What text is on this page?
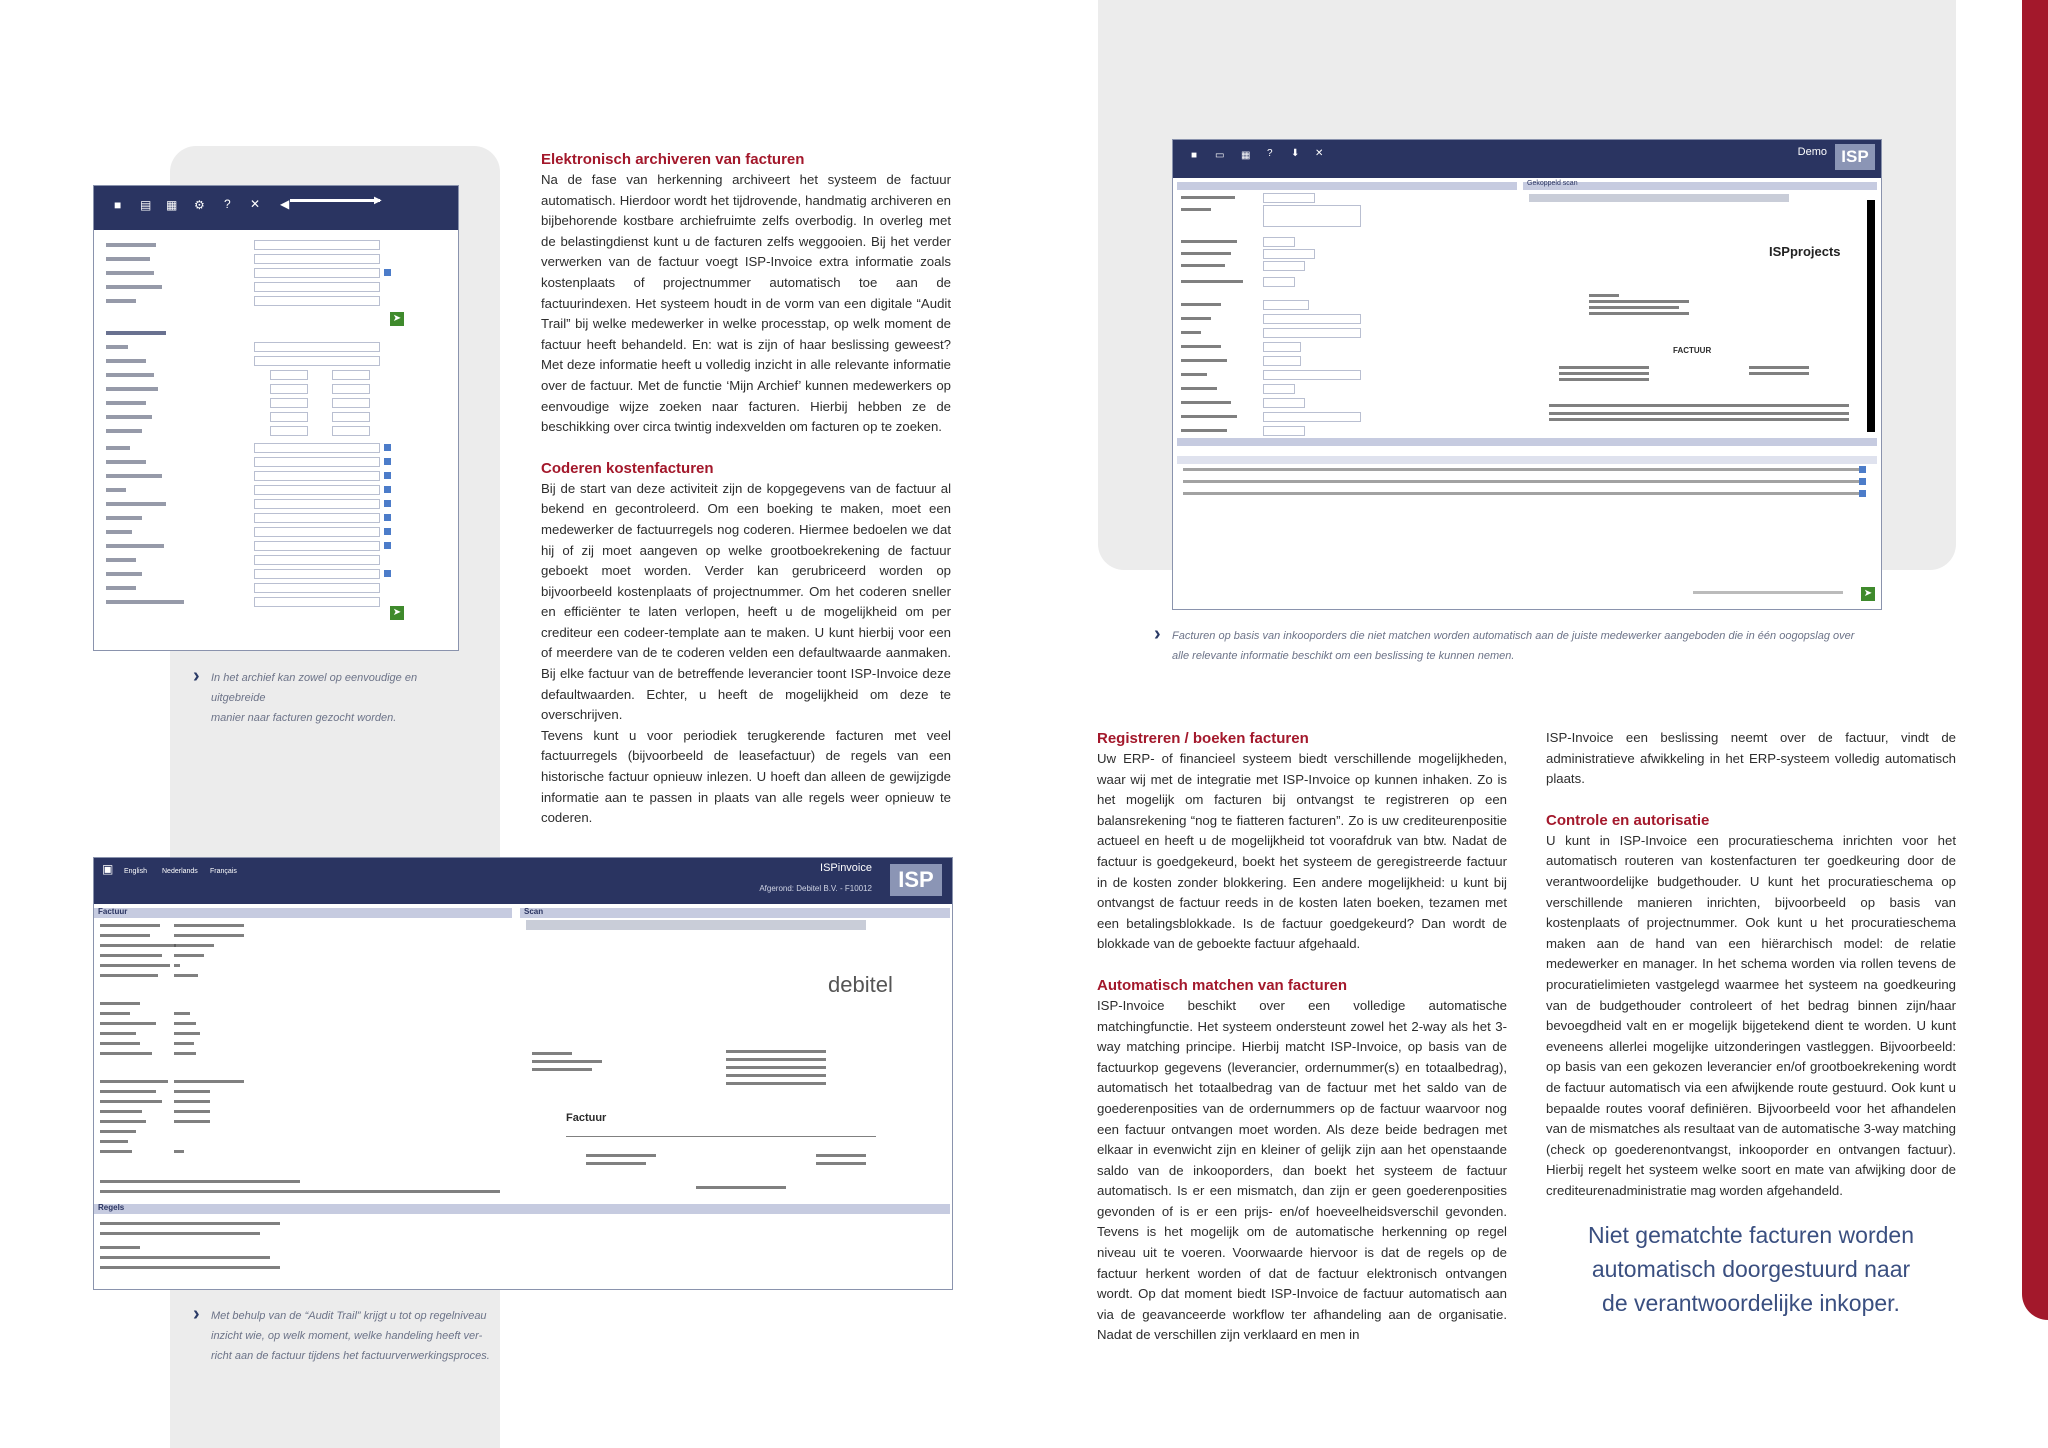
■ ▤ ▦ ⚙ ? ✕ ◀	▶
➤
➤
› In het archief kan zowel op eenvoudige en uitgebreide
manier naar facturen gezocht worden.
Elektronisch archiveren van facturen

Na de fase van herkenning archiveert het systeem de factuur automatisch. Hierdoor wordt het tijdrovende, handmatig archiveren en bijbehorende kostbare archiefruimte zelfs overbodig. In overleg met de belastingdienst kunt u de facturen zelfs weggooien. Bij het verder verwerken van de factuur voegt ISP-Invoice extra informatie zoals kostenplaats of projectnummer automatisch toe aan de factuurindexen. Het systeem houdt in de vorm van een digitale “Audit Trail” bij welke medewerker in welke processtap, op welk moment de factuur heeft behandeld. En: wat is zijn of haar beslissing geweest? Met deze informatie heeft u volledig inzicht in alle relevante informatie over de factuur. Met de functie ‘Mijn Archief’ kunnen medewerkers op eenvoudige wijze zoeken naar facturen. Hierbij hebben ze de beschikking over circa twintig indexvelden om facturen op te zoeken.

Coderen kostenfacturen

Bij de start van deze activiteit zijn de kopgegevens van de factuur al bekend en gecontroleerd. Om een boeking te maken, moet een medewerker de factuurregels nog coderen. Hiermee bedoelen we dat hij of zij moet aangeven op welke grootboekrekening de factuur geboekt moet worden. Verder kan gerubriceerd worden op bijvoorbeeld kostenplaats of projectnummer. Om het coderen sneller en efficiënter te laten verlopen, heeft u de mogelijkheid om per crediteur een codeer-template aan te maken. U kunt hierbij voor een of meerdere van de te coderen velden een defaultwaarde aanmaken. Bij elke factuur van de betreffende leverancier toont ISP-Invoice deze defaultwaarden. Echter, u heeft de mogelijkheid om deze te overschrijven.

Tevens kunt u voor periodiek terugkerende facturen met veel factuurregels (bijvoorbeeld de leasefactuur) de regels van een historische factuur opnieuw inlezen. U hoeft dan alleen de gewijzigde informatie aan te passen in plaats van alle regels weer opnieuw te coderen.

▣ English Nederlands Français	ISPinvoice
Afgerond: Debitel B.V. - F10012	ISP
Factuur	Scan
debitel
Factuur
Regels
› Met behulp van de “Audit Trail” krijgt u tot op regelniveau
inzicht wie, op welk moment, welke handeling heeft ver-
richt aan de factuur tijdens het factuurverwerkingsproces.
■ ▭ ▦ ? ⬇ ✕	Demo ISP
Gekoppeld scan
ISPprojects
FACTUUR
➤
› Facturen op basis van inkooporders die niet matchen worden automatisch aan de juiste medewerker aangeboden die in één oogopslag over
alle relevante informatie beschikt om een beslissing te kunnen nemen.
Registreren / boeken facturen

Uw ERP- of financieel systeem biedt verschillende mogelijkheden, waar wij met de integratie met ISP-Invoice op kunnen inhaken. Zo is het mogelijk om facturen bij ontvangst te registreren op een balansrekening “nog te fiatteren facturen”. Zo is uw crediteurenpositie actueel en heeft u de mogelijkheid tot voorafdruk van btw. Nadat de factuur is goedgekeurd, boekt het systeem de geregistreerde factuur in de kosten zonder blokkering. Een andere mogelijkheid: u kunt bij ontvangst de factuur reeds in de kosten laten boeken, tezamen met een betalingsblokkade. Is de factuur goedgekeurd? Dan wordt de blokkade van de geboekte factuur afgehaald.

Automatisch matchen van facturen

ISP-Invoice beschikt over een volledige automatische matchingfunctie. Het systeem ondersteunt zowel het 2-way als het 3-way matching principe. Hierbij matcht ISP-Invoice, op basis van de factuurkop gegevens (leverancier, ordernummer(s) en totaalbedrag), automatisch het totaalbedrag van de factuur met het saldo van de goederenposities van de ordernummers op de factuur waarvoor nog een factuur ontvangen moet worden. Als deze beide bedragen met elkaar in evenwicht zijn en kleiner of gelijk zijn aan het openstaande saldo van de inkooporders, dan boekt het systeem de factuur automatisch. Is er een mismatch, dan zijn er geen goederenposities gevonden of is er een prijs- en/of hoeveelheidsverschil gevonden. Tevens is het mogelijk om de automatische herkenning op regel niveau uit te voeren. Voorwaarde hiervoor is dat de regels op de factuur herkent worden of dat de factuur elektronisch ontvangen wordt. Op dat moment biedt ISP-Invoice de factuur automatisch aan via de geavanceerde workflow ter afhandeling aan de organisatie. Nadat de verschillen zijn verklaard en men in

ISP-Invoice een beslissing neemt over de factuur, vindt de administratieve afwikkeling in het ERP-systeem volledig automatisch plaats.

Controle en autorisatie

U kunt in ISP-Invoice een procuratieschema inrichten voor het automatisch routeren van kostenfacturen ter goedkeuring door de verantwoordelijke budgethouder. U kunt het procuratieschema op verschillende manieren inrichten, bijvoorbeeld op basis van kostenplaats of projectnummer. Ook kunt u het procuratieschema maken aan de hand van een hiërarchisch model: de relatie medewerker en manager. In het schema worden via rollen tevens de procuratielimieten vastgelegd waarmee het systeem na goedkeuring van de budgethouder controleert of het bedrag binnen zijn/haar bevoegdheid valt en er mogelijk bijgetekend dient te worden. U kunt eveneens allerlei mogelijke uitzonderingen vastleggen. Bijvoorbeeld: op basis van een gekozen leverancier en/of grootboekrekening wordt de factuur automatisch via een afwijkende route gestuurd. Ook kunt u bepaalde routes vooraf definiëren. Bijvoorbeeld voor het afhandelen van de mismatches als resultaat van de automatische 3-way matching (check op goederenontvangst, inkooporder en ontvangen factuur). Hierbij regelt het systeem welke soort en mate van afwijking door de crediteurenadministratie mag worden afgehandeld.

Niet gematchte facturen worden
automatisch doorgestuurd naar
de verantwoordelijke inkoper.
